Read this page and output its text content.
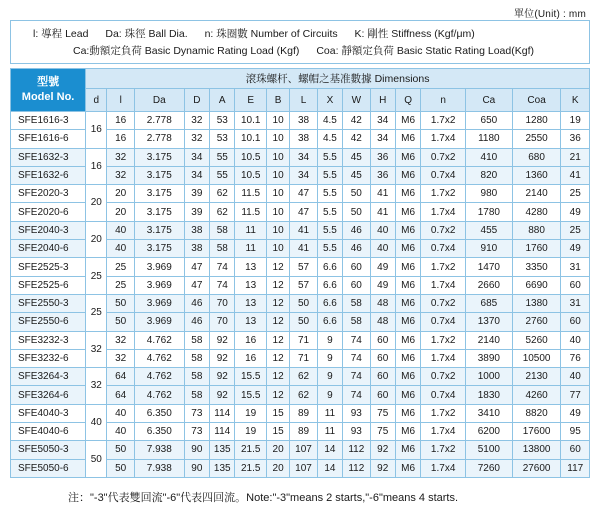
單位(Unit) : mm
l: 導程 Lead Da: 珠徑 Ball Dia. n: 珠圈數 Number of Circuits K: 剛性 Stiffness (Kgf/μm)
Ca:動額定負荷 Basic Dynamic Rating Load (Kgf) Coa: 靜額定負荷 Basic Static Rating Load(Kgf)
型號
Model No.	滾珠螺杆、螺帽之基准數據 Dimensions															
	d	l	Da	D	A	E	B	L	X	W	H	Q	n	Ca	Coa	K
SFE1616-3	16	16	2.778	32	53	10.1	10	38	4.5	42	34	M6	1.7x2	650	1280	19
SFE1616-6		16	2.778	32	53	10.1	10	38	4.5	42	34	M6	1.7x4	1180	2550	36
SFE1632-3	16	32	3.175	34	55	10.5	10	34	5.5	45	36	M6	0.7x2	410	680	21
SFE1632-6		32	3.175	34	55	10.5	10	34	5.5	45	36	M6	0.7x4	820	1360	41
SFE2020-3	20	20	3.175	39	62	11.5	10	47	5.5	50	41	M6	1.7x2	980	2140	25
SFE2020-6		20	3.175	39	62	11.5	10	47	5.5	50	41	M6	1.7x4	1780	4280	49
SFE2040-3	20	40	3.175	38	58	11	10	41	5.5	46	40	M6	0.7x2	455	880	25
SFE2040-6		40	3.175	38	58	11	10	41	5.5	46	40	M6	0.7x4	910	1760	49
SFE2525-3	25	25	3.969	47	74	13	12	57	6.6	60	49	M6	1.7x2	1470	3350	31
SFE2525-6		25	3.969	47	74	13	12	57	6.6	60	49	M6	1.7x4	2660	6690	60
SFE2550-3	25	50	3.969	46	70	13	12	50	6.6	58	48	M6	0.7x2	685	1380	31
SFE2550-6		50	3.969	46	70	13	12	50	6.6	58	48	M6	0.7x4	1370	2760	60
SFE3232-3	32	32	4.762	58	92	16	12	71	9	74	60	M6	1.7x2	2140	5260	40
SFE3232-6		32	4.762	58	92	16	12	71	9	74	60	M6	1.7x4	3890	10500	76
SFE3264-3	32	64	4.762	58	92	15.5	12	62	9	74	60	M6	0.7x2	1000	2130	40
SFE3264-6		64	4.762	58	92	15.5	12	62	9	74	60	M6	0.7x4	1830	4260	77
SFE4040-3	40	40	6.350	73	114	19	15	89	11	93	75	M6	1.7x2	3410	8820	49
SFE4040-6		40	6.350	73	114	19	15	89	11	93	75	M6	1.7x4	6200	17600	95
SFE5050-3	50	50	7.938	90	135	21.5	20	107	14	112	92	M6	1.7x2	5100	13800	60
SFE5050-6		50	7.938	90	135	21.5	20	107	14	112	92	M6	1.7x4	7260	27600	117
注："-3"代表雙回流"-6"代表四回流。Note:"-3"means 2 starts,"-6"means 4 starts.
